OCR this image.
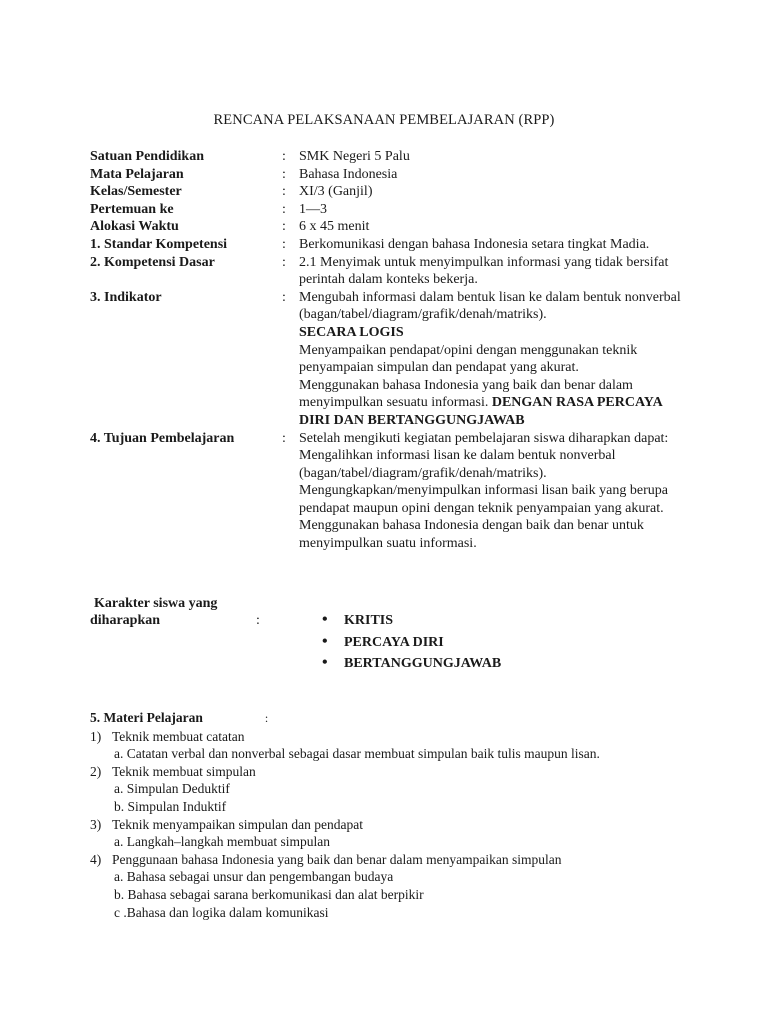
RENCANA PELAKSANAAN PEMBELAJARAN (RPP)
Satuan Pendidikan	: SMK Negeri 5 Palu
Mata Pelajaran	: Bahasa Indonesia
Kelas/Semester	: XI/3 (Ganjil)
Pertemuan ke	: 1—3
Alokasi Waktu	: 6 x 45 menit
1. Standar Kompetensi	: Berkomunikasi dengan bahasa Indonesia setara tingkat Madia.
2. Kompetensi Dasar	: 2.1 Menyimak untuk menyimpulkan informasi yang tidak bersifat perintah dalam konteks bekerja.
3. Indikator	: Mengubah informasi dalam bentuk lisan ke dalam bentuk nonverbal (bagan/tabel/diagram/grafik/denah/matriks).
SECARA LOGIS
Menyampaikan pendapat/opini dengan menggunakan teknik penyampaian simpulan dan pendapat yang akurat.
Menggunakan bahasa Indonesia yang baik dan benar dalam menyimpulkan sesuatu informasi. DENGAN RASA PERCAYA DIRI DAN BERTANGGUNGJAWAB
4. Tujuan Pembelajaran	: Setelah mengikuti kegiatan pembelajaran siswa diharapkan dapat:
Mengalihkan informasi lisan ke dalam bentuk nonverbal (bagan/tabel/diagram/grafik/denah/matriks).
Mengungkapkan/menyimpulkan informasi lisan baik yang berupa pendapat maupun opini dengan teknik penyampaian yang akurat.
Menggunakan bahasa Indonesia dengan baik dan benar untuk menyimpulkan suatu informasi.
Karakter siswa yang
diharapkan	:
•	KRITIS
• PERCAYA DIRI
• BERTANGGUNGJAWAB
5. Materi Pelajaran	:
1) Teknik membuat catatan
a. Catatan verbal dan nonverbal sebagai dasar membuat simpulan baik tulis maupun lisan.
2) Teknik membuat simpulan
a. Simpulan Deduktif
b. Simpulan Induktif
3) Teknik menyampaikan simpulan dan pendapat
a. Langkah–langkah membuat simpulan
4) Penggunaan bahasa Indonesia yang baik dan benar dalam menyampaikan simpulan
a. Bahasa sebagai unsur dan pengembangan budaya
b. Bahasa sebagai sarana berkomunikasi dan alat berpikir
c .Bahasa dan logika dalam komunikasi
